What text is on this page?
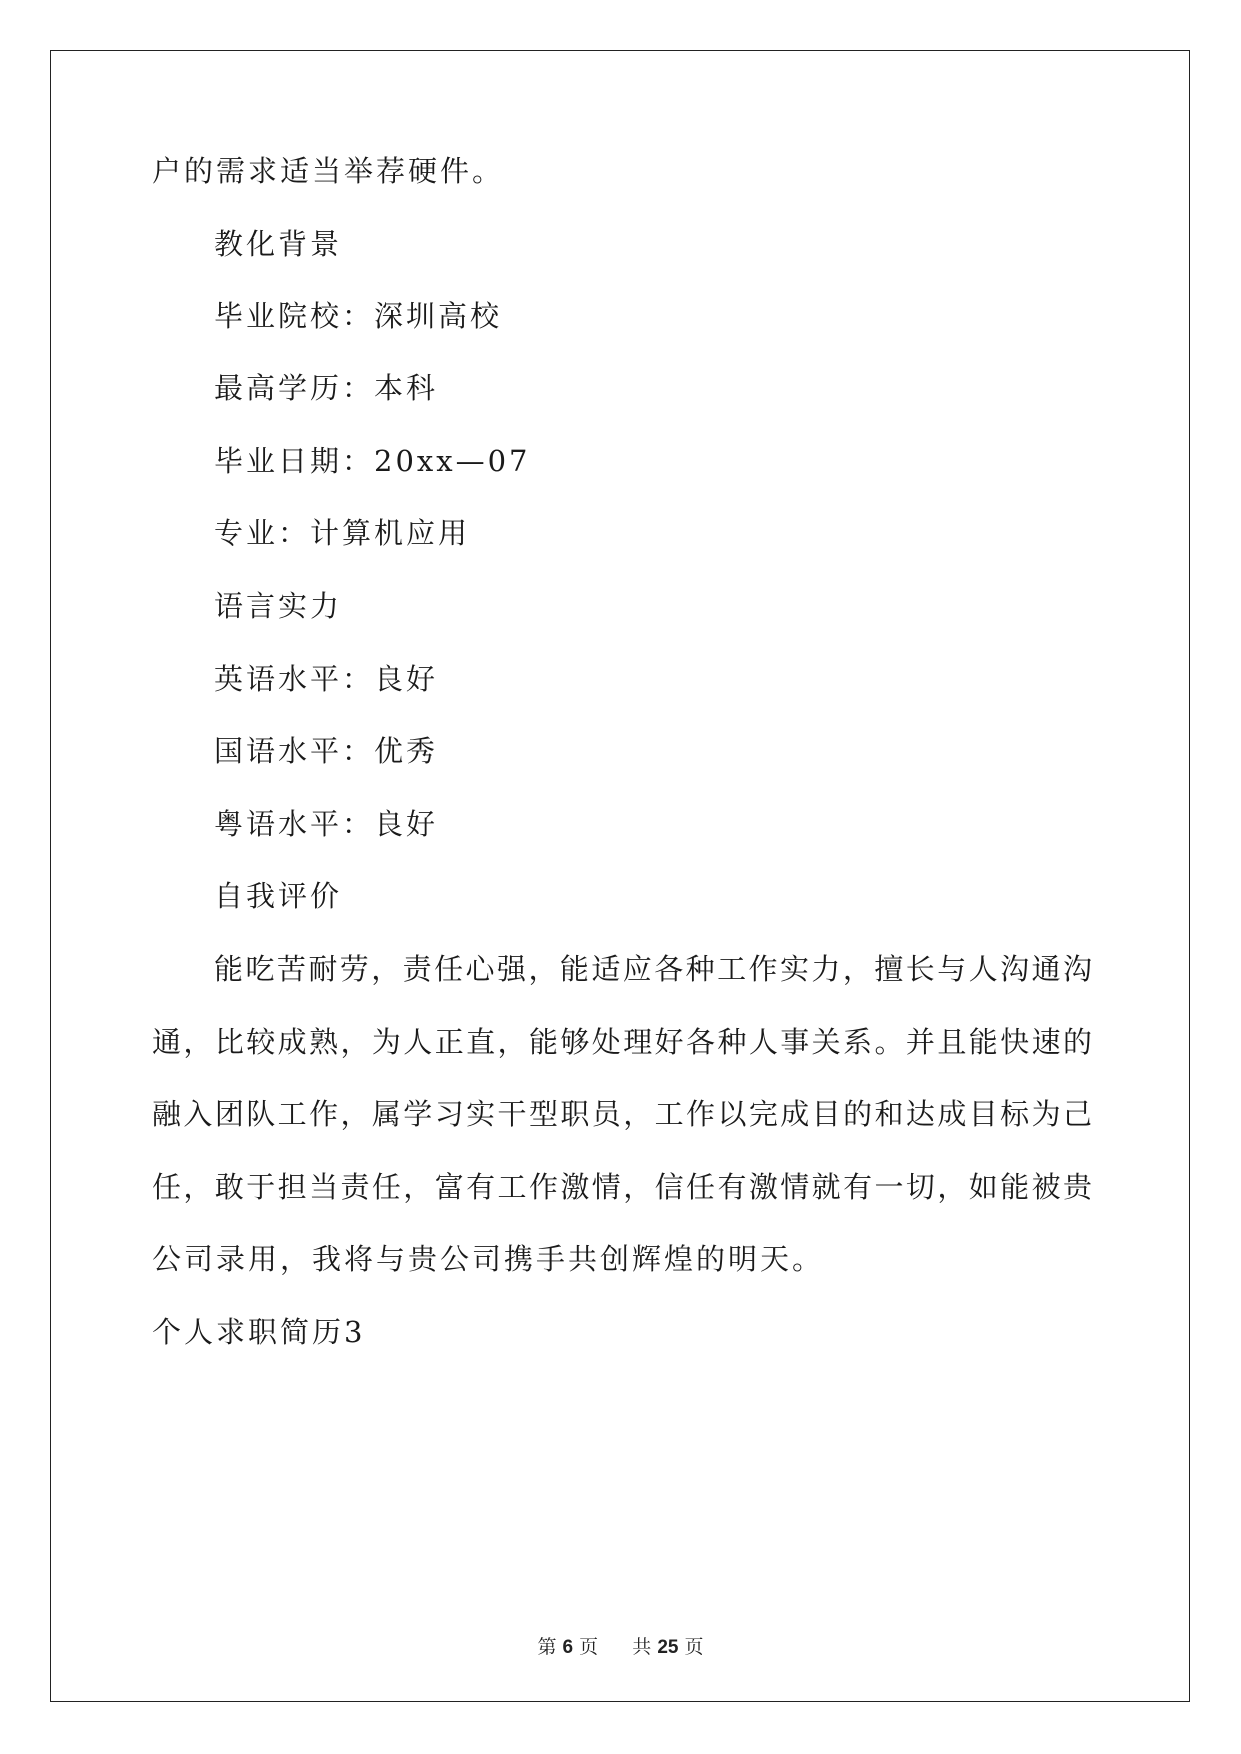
户的需求适当举荐硬件。
教化背景
毕业院校：深圳高校
最高学历：本科
毕业日期：20xx—07
专业：计算机应用
语言实力
英语水平：良好
国语水平：优秀
粤语水平：良好
自我评价
能吃苦耐劳，责任心强，能适应各种工作实力，擅长与人沟通沟
通，比较成熟，为人正直，能够处理好各种人事关系。并且能快速的
融入团队工作，属学习实干型职员，工作以完成目的和达成目标为己
任，敢于担当责任，富有工作激情，信任有激情就有一切，如能被贵
公司录用，我将与贵公司携手共创辉煌的明天。
个人求职简历3
第 6 页 共 25 页
